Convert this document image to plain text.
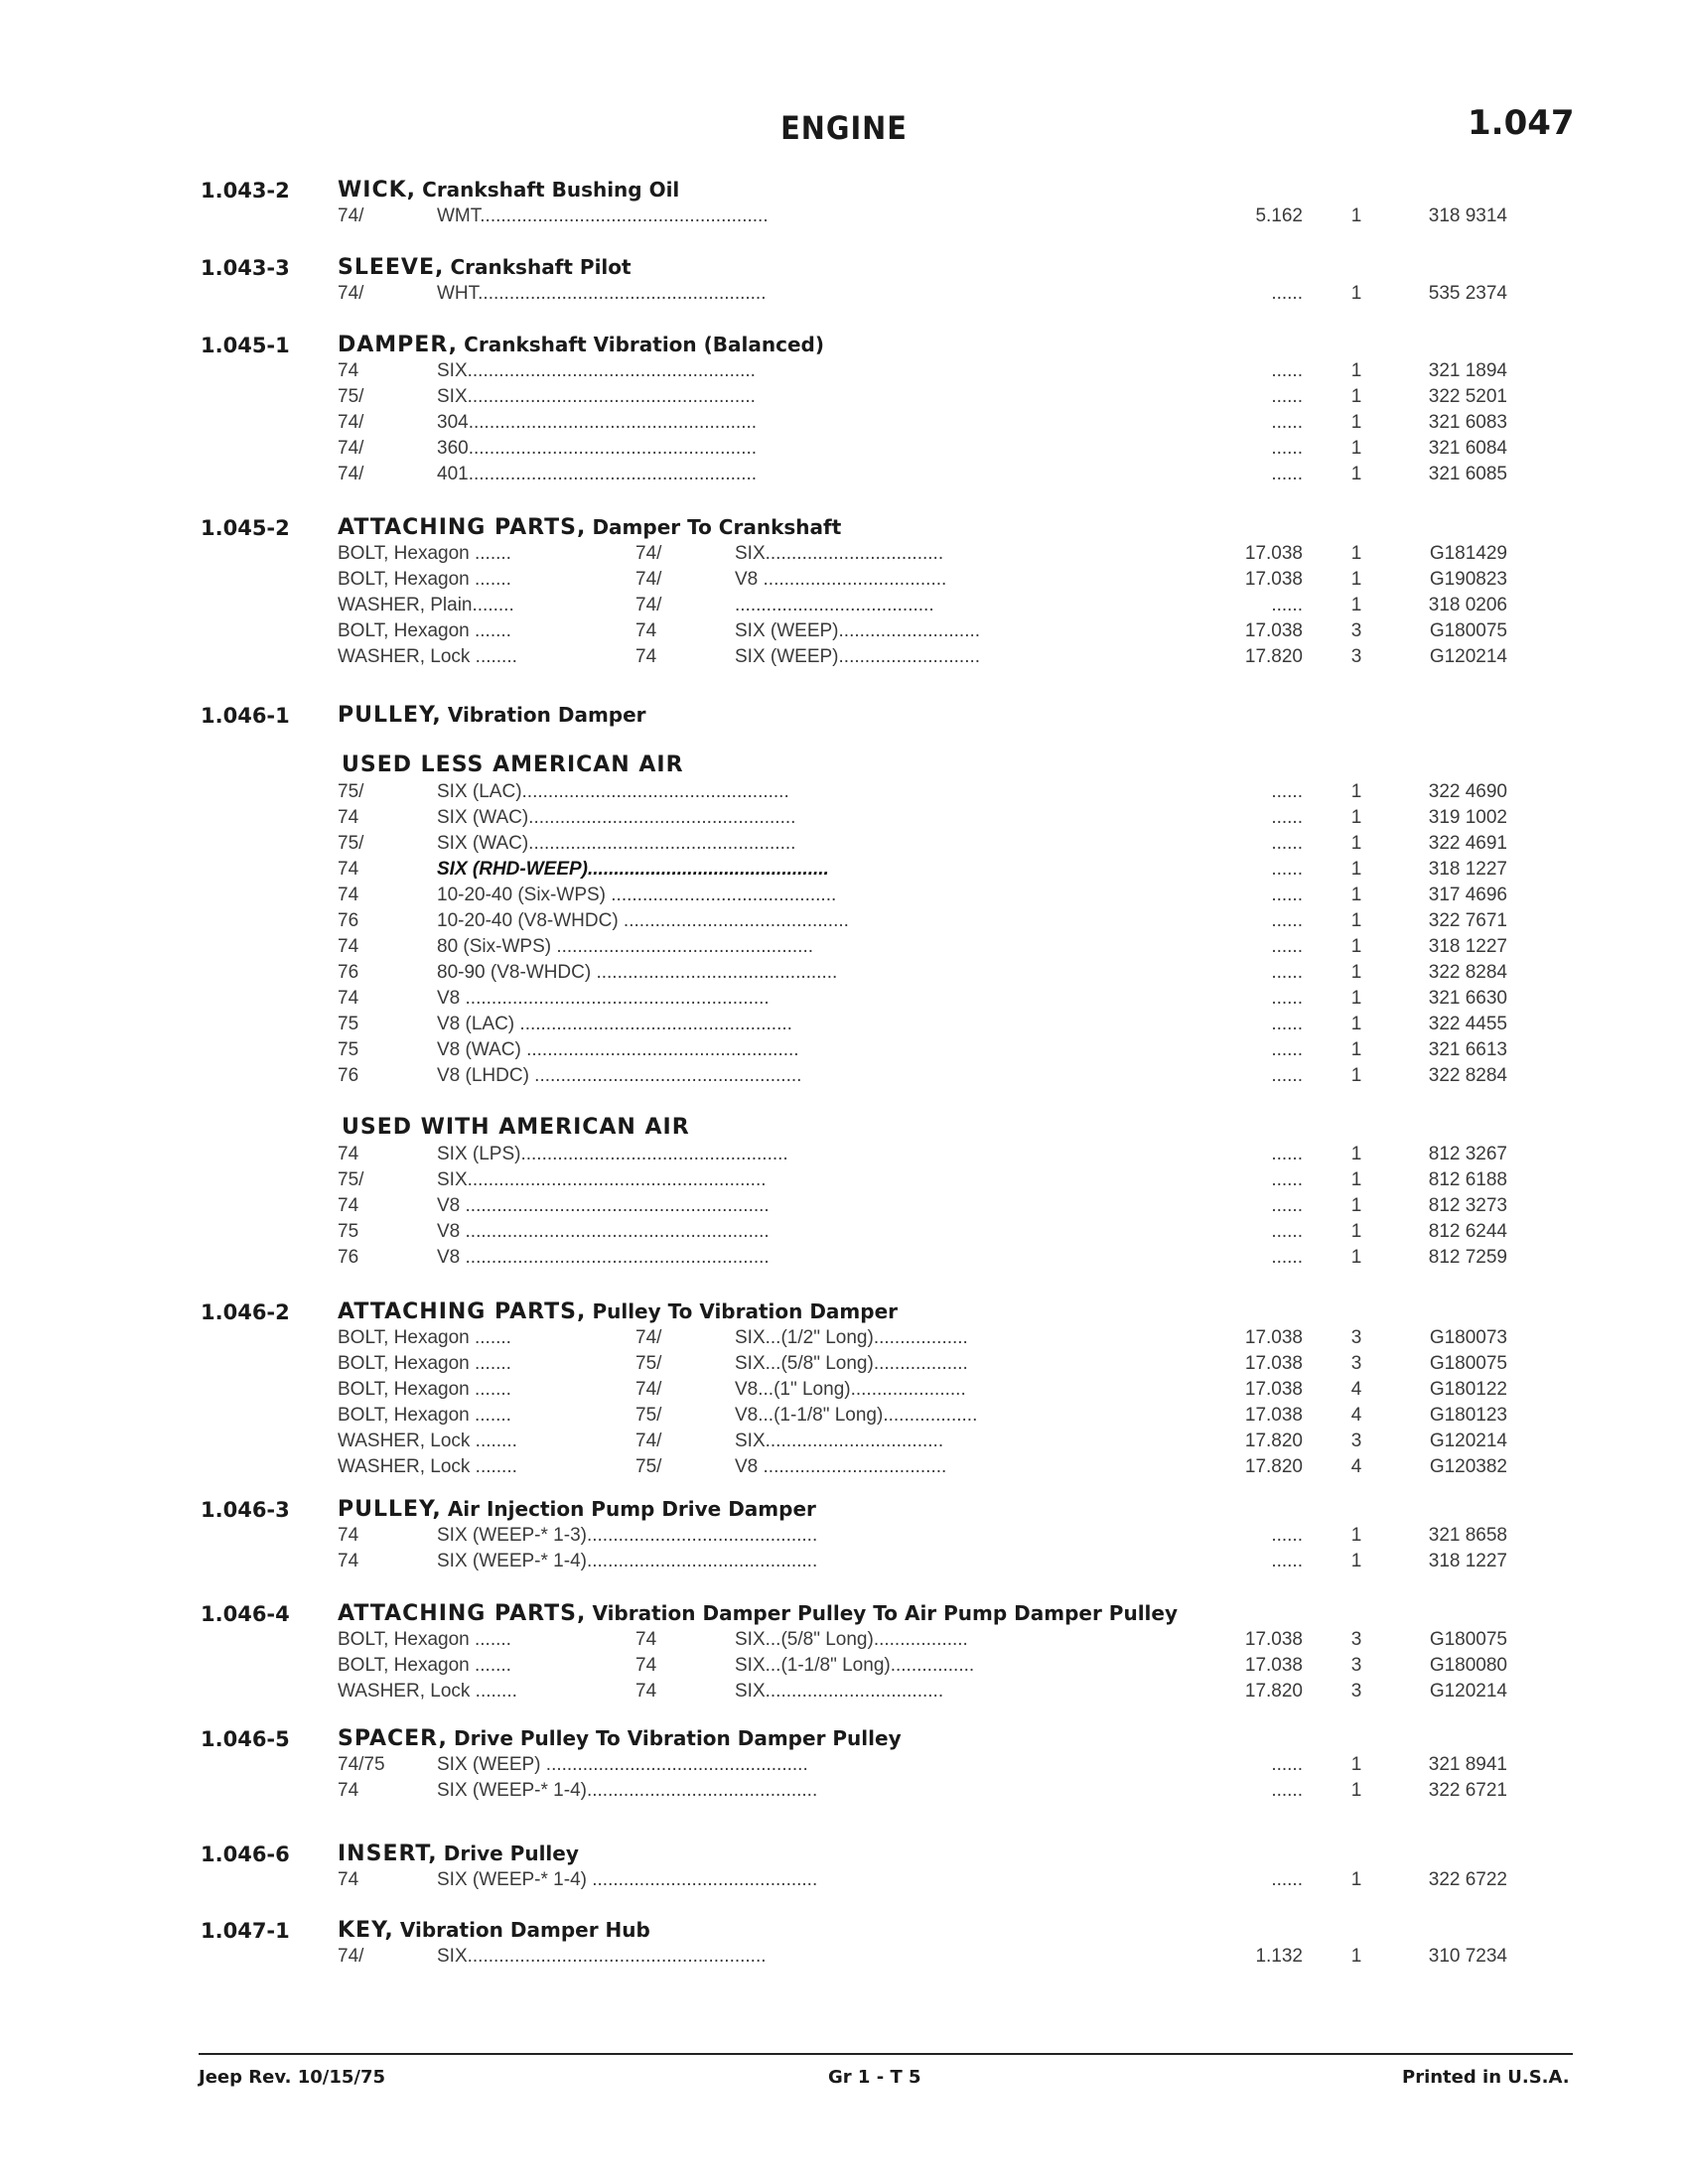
ENGINE	1.047
1.043-2 WICK, Crankshaft Bushing Oil
74/	WMT.......................................................	5.162	1	318 9314
1.043-3 SLEEVE, Crankshaft Pilot
74/	WHT.......................................................	......	1	535 2374
1.045-1 DAMPER, Crankshaft Vibration (Balanced)
74	SIX.......................................................	......	1	321 1894
75/	SIX.......................................................	......	1	322 5201
74/	304.......................................................	......	1	321 6083
74/	360.......................................................	......	1	321 6084
74/	401.......................................................	......	1	321 6085
1.045-2 ATTACHING PARTS, Damper To Crankshaft
BOLT, Hexagon .......	74/	SIX..................................	17.038	1	G181429
BOLT, Hexagon .......	74/	V8 ...................................	17.038	1	G190823
WASHER, Plain........	74/	......................................	......	1	318 0206
BOLT, Hexagon .......	74	SIX (WEEP)...........................	17.038	3	G180075
WASHER, Lock ........	74	SIX (WEEP)...........................	17.820	3	G120214
1.046-1 PULLEY, Vibration Damper
USED LESS AMERICAN AIR
75/	SIX (LAC)...................................................	......	1	322 4690
74	SIX (WAC)...................................................	......	1	319 1002
75/	SIX (WAC)...................................................	......	1	322 4691
74	SIX (RHD-WEEP)..............................................	......	1	318 1227
74	10-20-40 (Six-WPS) ...........................................	......	1	317 4696
76	10-20-40 (V8-WHDC) ...........................................	......	1	322 7671
74	80 (Six-WPS) .................................................	......	1	318 1227
76	80-90 (V8-WHDC) ..............................................	......	1	322 8284
74	V8 ..........................................................	......	1	321 6630
75	V8 (LAC) ....................................................	......	1	322 4455
75	V8 (WAC) ....................................................	......	1	321 6613
76	V8 (LHDC) ...................................................	......	1	322 8284
USED WITH AMERICAN AIR
74	SIX (LPS)...................................................	......	1	812 3267
75/	SIX.........................................................	......	1	812 6188
74	V8 ..........................................................	......	1	812 3273
75	V8 ..........................................................	......	1	812 6244
76	V8 ..........................................................	......	1	812 7259
1.046-2 ATTACHING PARTS, Pulley To Vibration Damper
BOLT, Hexagon .......	74/	SIX...(1/2" Long)..................	17.038	3	G180073
BOLT, Hexagon .......	75/	SIX...(5/8" Long)..................	17.038	3	G180075
BOLT, Hexagon .......	74/	V8...(1" Long)......................	17.038	4	G180122
BOLT, Hexagon .......	75/	V8...(1-1/8" Long)..................	17.038	4	G180123
WASHER, Lock ........	74/	SIX..................................	17.820	3	G120214
WASHER, Lock ........	75/	V8 ...................................	17.820	4	G120382
1.046-3 PULLEY, Air Injection Pump Drive Damper
74	SIX (WEEP-* 1-3)............................................	......	1	321 8658
74	SIX (WEEP-* 1-4)............................................	......	1	318 1227
1.046-4 ATTACHING PARTS, Vibration Damper Pulley To Air Pump Damper Pulley
BOLT, Hexagon .......	74	SIX...(5/8" Long)..................	17.038	3	G180075
BOLT, Hexagon .......	74	SIX...(1-1/8" Long)................	17.038	3	G180080
WASHER, Lock ........	74	SIX..................................	17.820	3	G120214
1.046-5 SPACER, Drive Pulley To Vibration Damper Pulley
74/75	SIX (WEEP) ..................................................	......	1	321 8941
74	SIX (WEEP-* 1-4)............................................	......	1	322 6721
1.046-6 INSERT, Drive Pulley
74	SIX (WEEP-* 1-4) ...........................................	......	1	322 6722
1.047-1 KEY, Vibration Damper Hub
74/	SIX.........................................................	1.132	1	310 7234
Jeep Rev. 10/15/75	Gr 1 - T 5	Printed in U.S.A.
